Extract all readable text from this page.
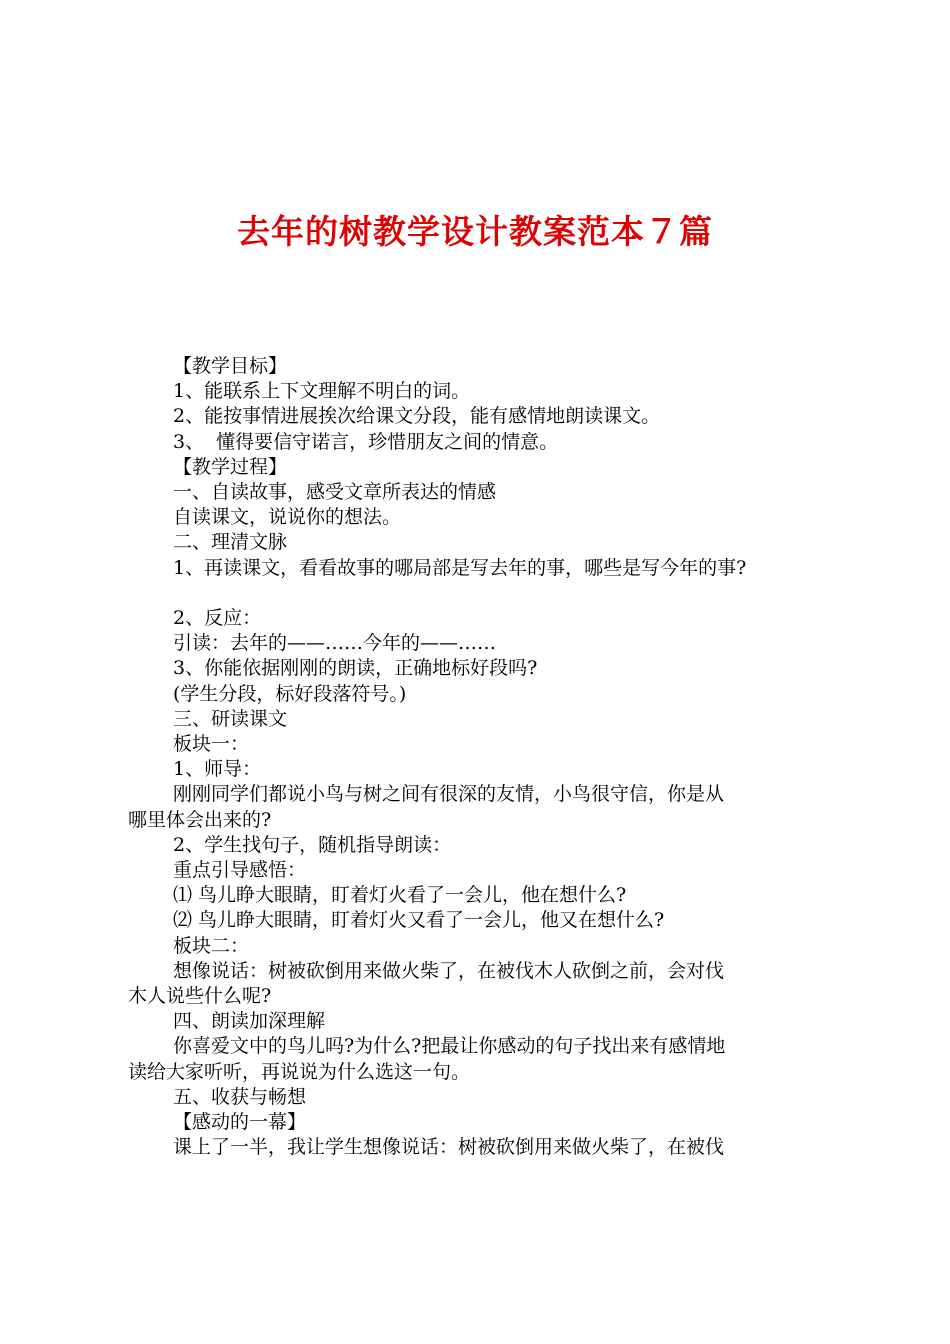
去年的树教学设计教案范本７篇
【教学目标】
1、能联系上下文理解不明白的词。
2、能按事情进展挨次给课文分段，能有感情地朗读课文。
3、  懂得要信守诺言，珍惜朋友之间的情意。
【教学过程】
一、自读故事，感受文章所表达的情感
自读课文，说说你的想法。
二、理清文脉
1、再读课文，看看故事的哪局部是写去年的事，哪些是写今年的事?
2、反应：
引读：去年的——……今年的——……
3、你能依据刚刚的朗读，正确地标好段吗?
(学生分段，标好段落符号。)
三、研读课文
板块一：
1、师导：
刚刚同学们都说小鸟与树之间有很深的友情，小鸟很守信，你是从
哪里体会出来的?
2、学生找句子，随机指导朗读：
重点引导感悟：
⑴ 鸟儿睁大眼睛，盯着灯火看了一会儿，他在想什么?
⑵ 鸟儿睁大眼睛，盯着灯火又看了一会儿，他又在想什么?
板块二：
想像说话：树被砍倒用来做火柴了，在被伐木人砍倒之前，会对伐
木人说些什么呢?
四、朗读加深理解
你喜爱文中的鸟儿吗?为什么?把最让你感动的句子找出来有感情地
读给大家听听，再说说为什么选这一句。
五、收获与畅想
【感动的一幕】
课上了一半，我让学生想像说话：树被砍倒用来做火柴了，在被伐
